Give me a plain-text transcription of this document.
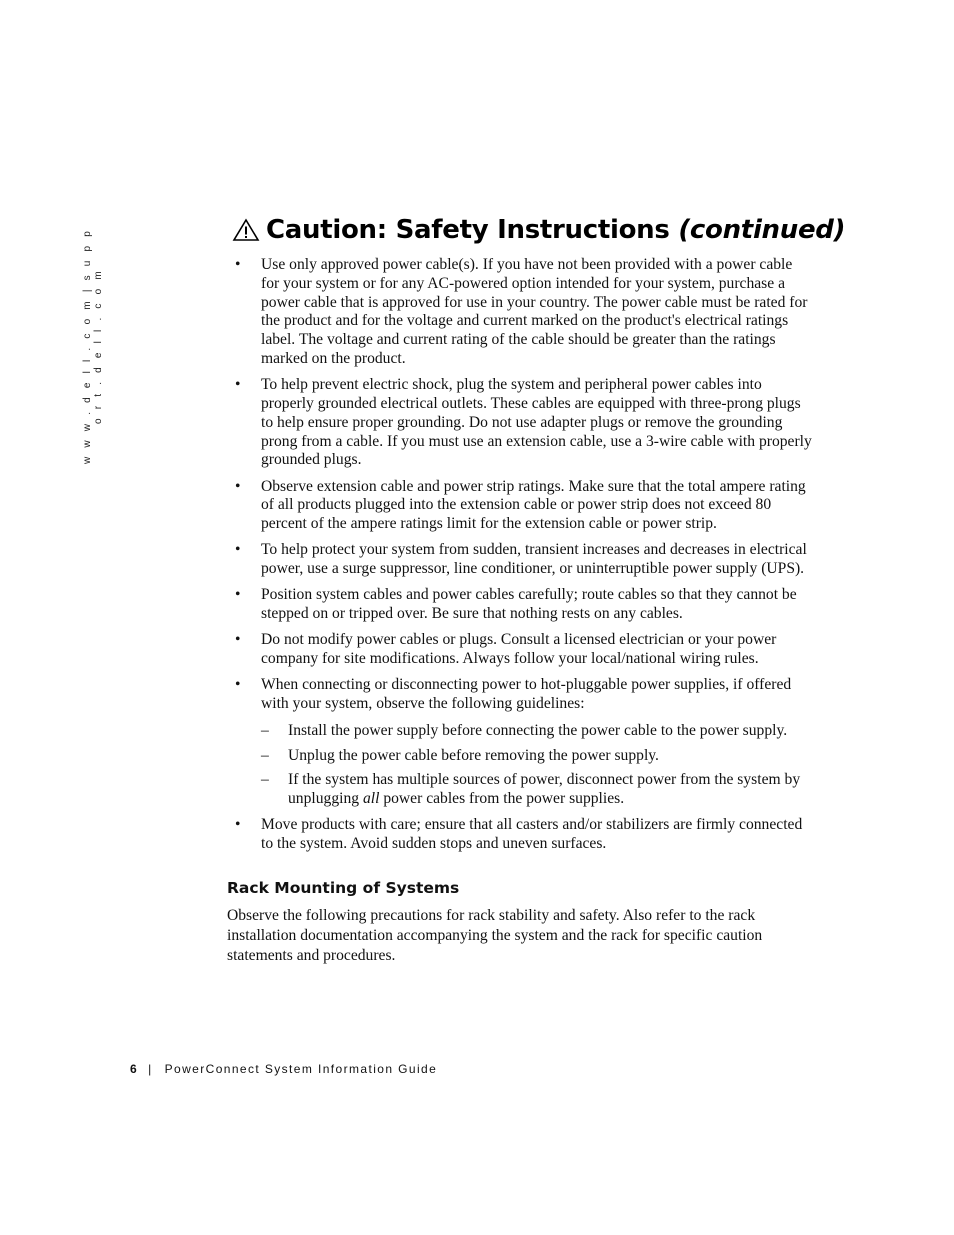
w w w . d e l l . c o m | s u p p o r t . d e l l . c o m
Caution: Safety Instructions (continued)
• Use only approved power cable(s). If you have not been provided with a power cable for your system or for any AC-powered option intended for your system, purchase a power cable that is approved for use in your country. The power cable must be rated for the product and for the voltage and current marked on the product's electrical ratings label. The voltage and current rating of the cable should be greater than the ratings marked on the product.
• To help prevent electric shock, plug the system and peripheral power cables into properly grounded electrical outlets. These cables are equipped with three-prong plugs to help ensure proper grounding. Do not use adapter plugs or remove the grounding prong from a cable. If you must use an extension cable, use a 3-wire cable with properly grounded plugs.
• Observe extension cable and power strip ratings. Make sure that the total ampere rating of all products plugged into the extension cable or power strip does not exceed 80 percent of the ampere ratings limit for the extension cable or power strip.
• To help protect your system from sudden, transient increases and decreases in electrical power, use a surge suppressor, line conditioner, or uninterruptible power supply (UPS).
• Position system cables and power cables carefully; route cables so that they cannot be stepped on or tripped over. Be sure that nothing rests on any cables.
• Do not modify power cables or plugs. Consult a licensed electrician or your power company for site modifications. Always follow your local/national wiring rules.
• When connecting or disconnecting power to hot-pluggable power supplies, if offered with your system, observe the following guidelines:
– Install the power supply before connecting the power cable to the power supply.
– Unplug the power cable before removing the power supply.
– If the system has multiple sources of power, disconnect power from the system by unplugging all power cables from the power supplies.
• Move products with care; ensure that all casters and/or stabilizers are firmly connected to the system. Avoid sudden stops and uneven surfaces.
Rack Mounting of Systems

Observe the following precautions for rack stability and safety. Also refer to the rack installation documentation accompanying the system and the rack for specific caution statements and procedures.

6 | PowerConnect System Information Guide
